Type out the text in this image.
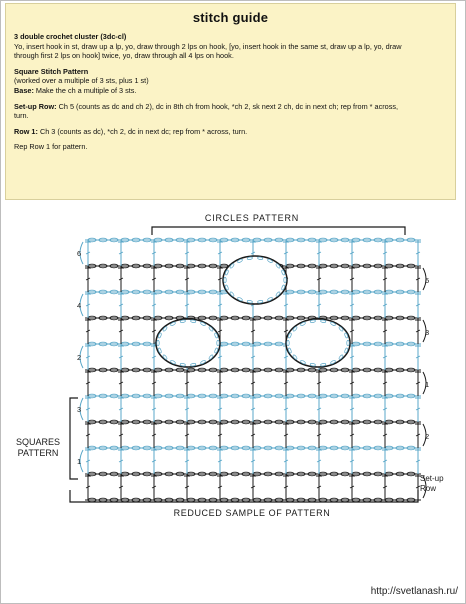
stitch guide

3 double crochet cluster (3dc-cl)

Yo, insert hook in st, draw up a lp, yo, draw through 2 lps on hook, [yo, insert hook in the same st, draw up a lp, yo, draw

through first 2 lps on hook] twice, yo, draw through all 4 lps on hook.

Square Stitch Pattern

(worked over a multiple of 3 sts, plus 1 st)

Base: Make the ch a multiple of 3 sts.

Set-up Row: Ch 5 (counts as dc and ch 2), dc in 8th ch from hook, *ch 2, sk next 2 ch, dc in next ch; rep from * across,

turn.

Row 1: Ch 3 (counts as dc), *ch 2, dc in next dc; rep from * across, turn.

Rep Row 1 for pattern.

CIRCLES PATTERN
REDUCED SAMPLE OF PATTERN
SQUARES
PATTERN
Set-up
Row
6
4
2
3
1
5
3
1
2
http://svetlanash.ru/
